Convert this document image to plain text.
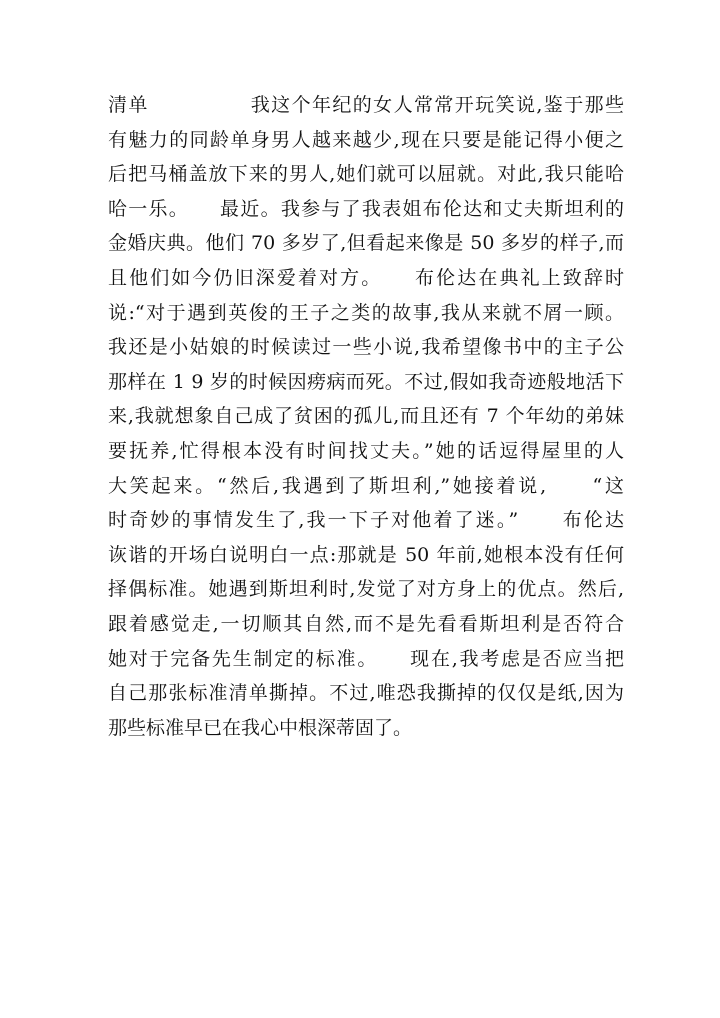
清单　　　　　我这个年纪的女人常常开玩笑说,鉴于那些
有魅力的同龄单身男人越来越少,现在只要是能记得小便之
后把马桶盖放下来的男人,她们就可以屈就。对此,我只能哈
哈一乐。　　最近。我参与了我表姐布伦达和丈夫斯坦利的
金婚庆典。他们 70 多岁了,但看起来像是 50 多岁的样子,而
且他们如今仍旧深爱着对方。　　布伦达在典礼上致辞时
说:“对于遇到英俊的王子之类的故事,我从来就不屑一顾。
我还是小姑娘的时候读过一些小说,我希望像书中的主子公
那样在 1 9 岁的时候因痨病而死。不过,假如我奇迹般地活下
来,我就想象自己成了贫困的孤儿,而且还有 7 个年幼的弟妹
要抚养,忙得根本没有时间找丈夫。”她的话逗得屋里的人
大笑起来。“然后,我遇到了斯坦利,”她接着说,　　“这
时奇妙的事情发生了,我一下子对他着了迷。”　　布伦达
诙谐的开场白说明白一点:那就是 50 年前,她根本没有任何
择偶标准。她遇到斯坦利时,发觉了对方身上的优点。然后,
跟着感觉走,一切顺其自然,而不是先看看斯坦利是否符合
她对于完备先生制定的标准。　　现在,我考虑是否应当把
自己那张标准清单撕掉。不过,唯恐我撕掉的仅仅是纸,因为
那些标准早已在我心中根深蒂固了。
